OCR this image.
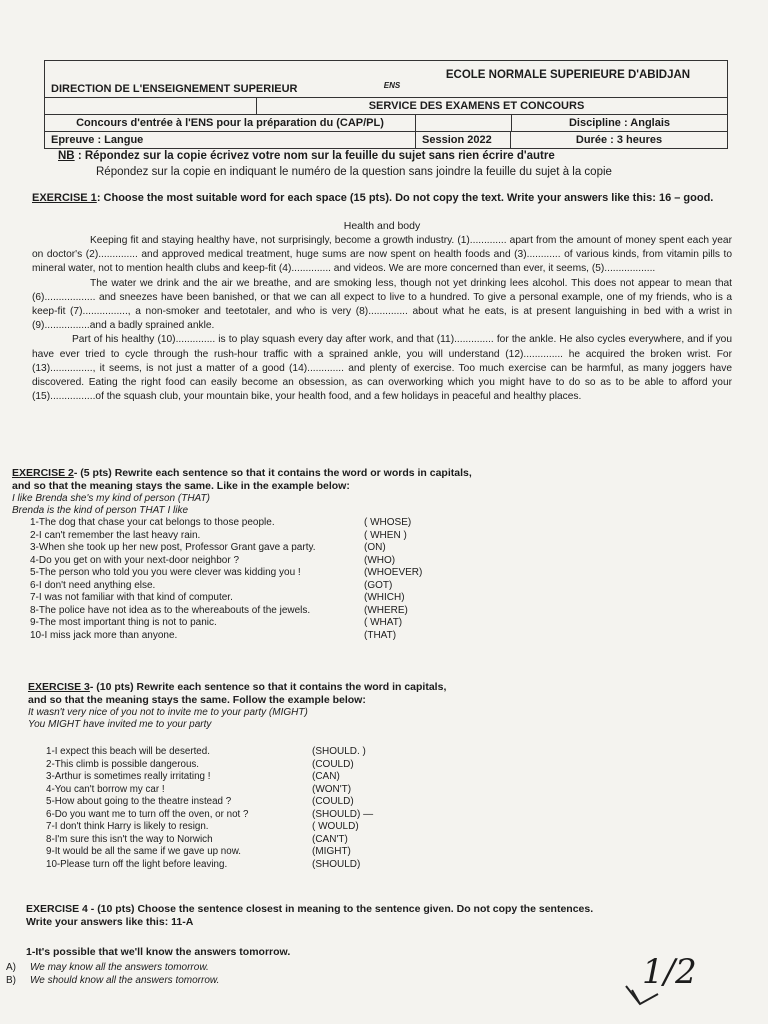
DIRECTION DE L'ENSEIGNEMENT SUPERIEUR	ENS
ECOLE NORMALE SUPERIEURE D'ABIDJAN
SERVICE DES EXAMENS ET CONCOURS
Concours d'entrée à l'ENS pour la préparation du (CAP/PL)	Discipline : Anglais
Epreuve : Langue	Session 2022	Durée : 3 heures
NB : Répondez sur la copie écrivez votre nom sur la feuille du sujet sans rien écrire d'autre
Répondez sur la copie en indiquant le numéro de la question sans joindre la feuille du sujet à la copie
EXERCISE 1: Choose the most suitable word for each space (15 pts). Do not copy the text. Write your answers like this: 16 – good.
Health and body

Keeping fit and staying healthy have, not surprisingly, become a growth industry. (1)............. apart from the amount of money spent each year on doctor's (2).............. and approved medical treatment, huge sums are now spent on health foods and (3)............ of various kinds, from vitamin pills to mineral water, not to mention health clubs and keep-fit (4).............. and videos. We are more concerned than ever, it seems, (5)..................

The water we drink and the air we breathe, and are smoking less, though not yet drinking lees alcohol. This does not appear to mean that (6).................. and sneezes have been banished, or that we can all expect to live to a hundred. To give a personal example, one of my friends, who is a keep-fit (7)................, a non-smoker and teetotaler, and who is very (8).............. about what he eats, is at present languishing in bed with a wrist in (9)................and a badly sprained ankle.

Part of his healthy (10).............. is to play squash every day after work, and that (11).............. for the ankle. He also cycles everywhere, and if you have ever tried to cycle through the rush-hour traffic with a sprained ankle, you will understand (12).............. he acquired the broken wrist. For (13)..............., it seems, is not just a matter of a good (14)............. and plenty of exercise. Too much exercise can be harmful, as many joggers have discovered. Eating the right food can easily become an obsession, as can overworking which you might have to do so as to be able to afford your (15)................of the squash club, your mountain bike, your health food, and a few holidays in peaceful and healthy places.

EXERCISE 2- (5 pts) Rewrite each sentence so that it contains the word or words in capitals,
and so that the meaning stays the same. Like in the example below:
I like Brenda she's my kind of person (THAT)
Brenda is the kind of person THAT I like
1-The dog that chase your cat belongs to those people.	( WHOSE)
2-I can't remember the last heavy rain.	( WHEN )
3-When she took up her new post, Professor Grant gave a party.	(ON)
4-Do you get on with your next-door neighbor ?	(WHO)
5-The person who told you you were clever was kidding you !	(WHOEVER)
6-I don't need anything else.	(GOT)
7-I was not familiar with that kind of computer.	(WHICH)
8-The police have not idea as to the whereabouts of the jewels.	(WHERE)
9-The most important thing is not to panic.	( WHAT)
10-I miss jack more than anyone.	(THAT)
EXERCISE 3- (10 pts) Rewrite each sentence so that it contains the word in capitals,
and so that the meaning stays the same. Follow the example below:
It wasn't very nice of you not to invite me to your party (MIGHT)
You MIGHT have invited me to your party
1-I expect this beach will be deserted.	(SHOULD. )
2-This climb is possible dangerous.	(COULD)
3-Arthur is sometimes really irritating !	(CAN)
4-You can't borrow my car !	(WON'T)
5-How about going to the theatre instead ?	(COULD)
6-Do you want me to turn off the oven, or not ?	(SHOULD) —
7-I don't think Harry is likely to resign.	( WOULD)
8-I'm sure this isn't the way to Norwich	(CAN'T)
9-It would be all the same if we gave up now.	(MIGHT)
10-Please turn off the light before leaving.	(SHOULD)
EXERCISE 4 - (10 pts) Choose the sentence closest in meaning to the sentence given. Do not copy the sentences.
Write your answers like this: 11-A
1-It's possible that we'll know the answers tomorrow.
A)	We may know all the answers tomorrow.
B)	We should know all the answers tomorrow.	1/2
